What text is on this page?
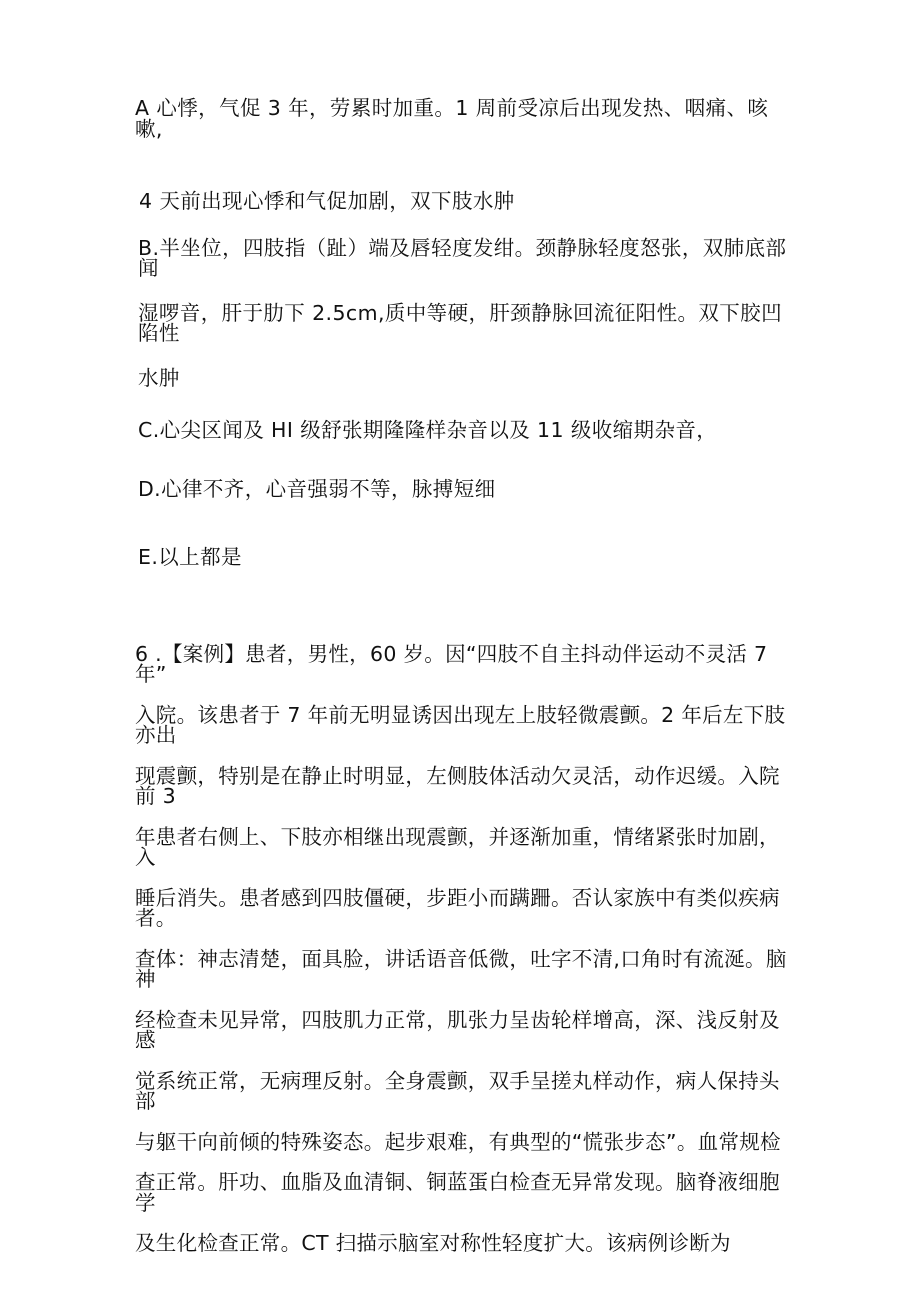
A 心悸，气促 3 年，劳累时加重。1 周前受凉后出现发热、咽痛、咳嗽,
4 天前出现心悸和气促加剧，双下肢水肿
B.半坐位，四肢指（趾）端及唇轻度发绀。颈静脉轻度怒张，双肺底部闻
湿啰音，肝于肋下 2.5cm,质中等硬，肝颈静脉回流征阳性。双下胶凹陷性
水肿
C.心尖区闻及 HI 级舒张期隆隆样杂音以及 11 级收缩期杂音，
D.心律不齐，心音强弱不等，脉搏短细
E.以上都是
6 .【案例】患者，男性，60 岁。因“四肢不自主抖动伴运动不灵活 7 年”
入院。该患者于 7 年前无明显诱因出现左上肢轻微震颤。2 年后左下肢亦出
现震颤，特别是在静止时明显，左侧肢体活动欠灵活，动作迟缓。入院前 3
年患者右侧上、下肢亦相继出现震颤，并逐渐加重，情绪紧张时加剧，入
睡后消失。患者感到四肢僵硬，步距小而蹒跚。否认家族中有类似疾病者。
查体：神志清楚，面具脸，讲话语音低微，吐字不清,口角时有流涎。脑神
经检查未见异常，四肢肌力正常，肌张力呈齿轮样增高，深、浅反射及感
觉系统正常，无病理反射。全身震颤，双手呈搓丸样动作，病人保持头部
与躯干向前倾的特殊姿态。起步艰难，有典型的“慌张步态”。血常规检
查正常。肝功、血脂及血清铜、铜蓝蛋白检查无异常发现。脑脊液细胞学
及生化检查正常。CT 扫描示脑室对称性轻度扩大。该病例诊断为
